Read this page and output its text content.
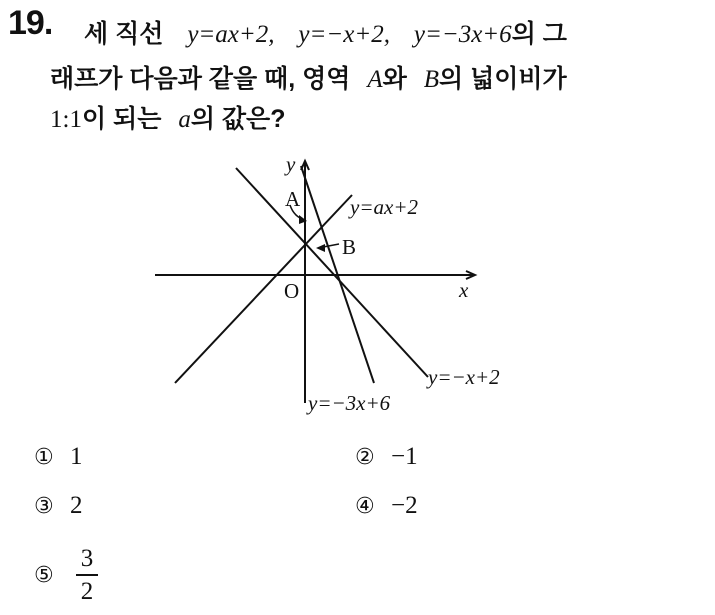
19. 세 직선 y=ax+2, y=−x+2, y=−3x+6의 그
래프가 다음과 같을 때, 영역 A와 B의 넓이비가
1:1이 되는 a의 값은?
y
x
O
A
B
y=ax+2
y=−x+2
y=−3x+6
① 1	② −1
③ 2	④ −2
⑤
3
2
